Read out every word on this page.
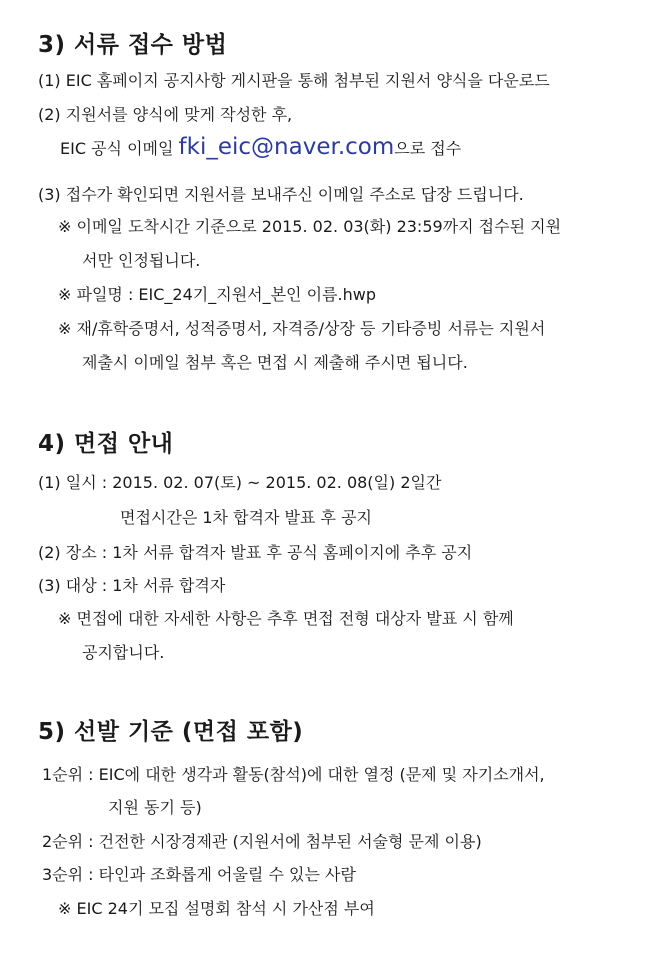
3) 서류 접수 방법
(1) EIC 홈페이지 공지사항 게시판을 통해 첨부된 지원서 양식을 다운로드
(2) 지원서를 양식에 맞게 작성한 후,
EIC 공식 이메일 fki_eic@naver.com으로 접수
(3) 접수가 확인되면 지원서를 보내주신 이메일 주소로 답장 드립니다.
※ 이메일 도착시간 기준으로 2015. 02. 03(화) 23:59까지 접수된 지원
서만 인정됩니다.
※ 파일명 : EIC_24기_지원서_본인 이름.hwp
※ 재/휴학증명서, 성적증명서, 자격증/상장 등 기타증빙 서류는 지원서
제출시 이메일 첨부 혹은 면접 시 제출해 주시면 됩니다.
4) 면접 안내
(1) 일시 : 2015. 02. 07(토) ~ 2015. 02. 08(일) 2일간
면접시간은 1차 합격자 발표 후 공지
(2) 장소 : 1차 서류 합격자 발표 후 공식 홈페이지에 추후 공지
(3) 대상 : 1차 서류 합격자
※ 면접에 대한 자세한 사항은 추후 면접 전형 대상자 발표 시 함께
공지합니다.
5) 선발 기준 (면접 포함)
1순위 : EIC에 대한 생각과 활동(참석)에 대한 열정 (문제 및 자기소개서,
지원 동기 등)
2순위 : 건전한 시장경제관 (지원서에 첨부된 서술형 문제 이용)
3순위 : 타인과 조화롭게 어울릴 수 있는 사람
※ EIC 24기 모집 설명회 참석 시 가산점 부여
